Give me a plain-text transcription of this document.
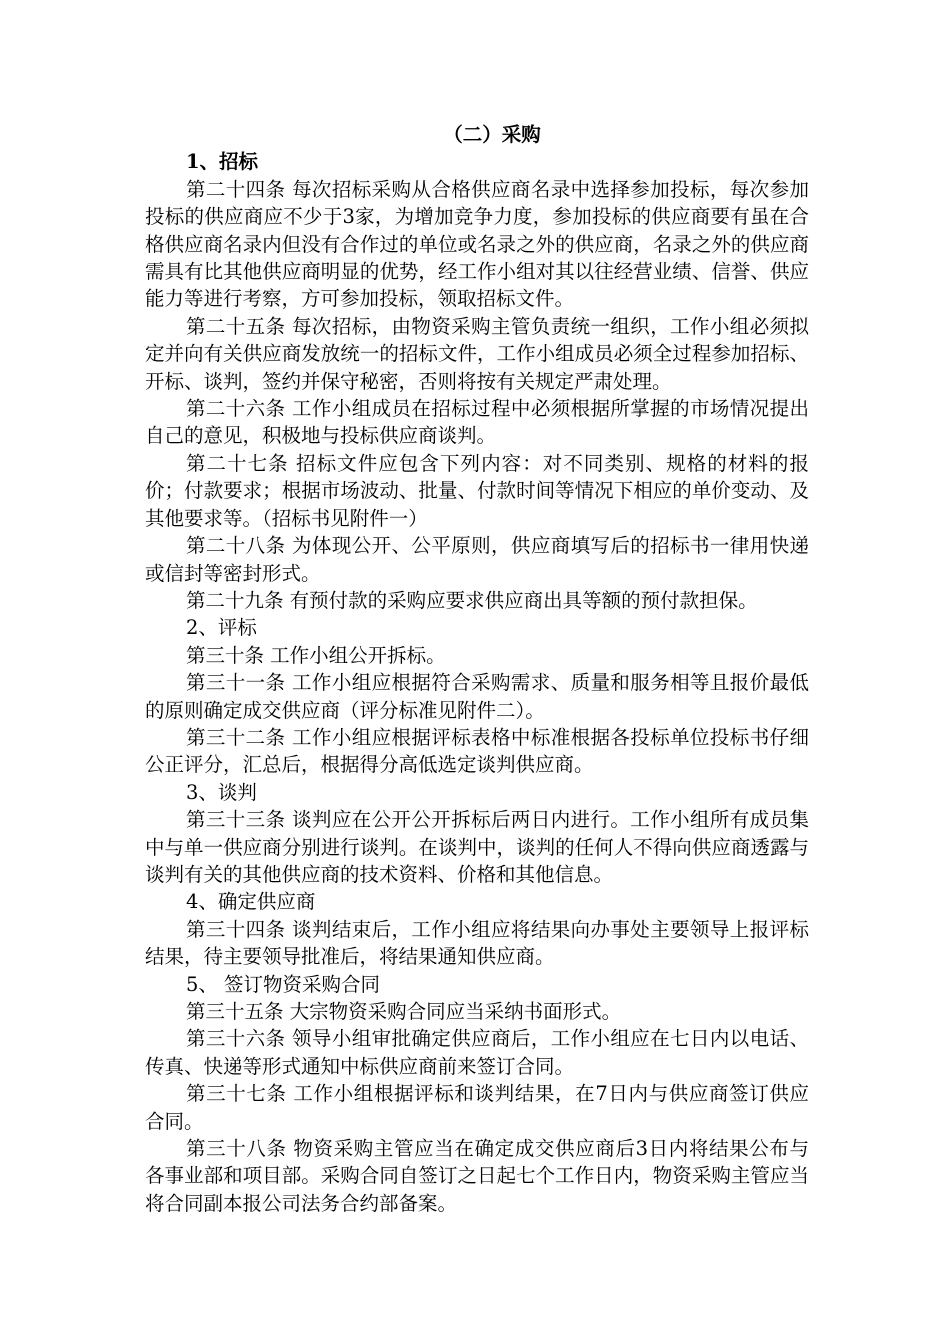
（二）采购

1、招标

第二十四条 每次招标采购从合格供应商名录中选择参加投标，每次参加投标的供应商应不少于3家，为增加竞争力度，参加投标的供应商要有虽在合格供应商名录内但没有合作过的单位或名录之外的供应商，名录之外的供应商需具有比其他供应商明显的优势，经工作小组对其以往经营业绩、信誉、供应能力等进行考察，方可参加投标，领取招标文件。

第二十五条 每次招标，由物资采购主管负责统一组织，工作小组必须拟定并向有关供应商发放统一的招标文件，工作小组成员必须全过程参加招标、开标、谈判，签约并保守秘密，否则将按有关规定严肃处理。

第二十六条 工作小组成员在招标过程中必须根据所掌握的市场情况提出自己的意见，积极地与投标供应商谈判。

第二十七条 招标文件应包含下列内容：对不同类别、规格的材料的报价；付款要求；根据市场波动、批量、付款时间等情况下相应的单价变动、及其他要求等。（招标书见附件一）

第二十八条 为体现公开、公平原则，供应商填写后的招标书一律用快递或信封等密封形式。

第二十九条 有预付款的采购应要求供应商出具等额的预付款担保。

2、评标

第三十条 工作小组公开拆标。

第三十一条 工作小组应根据符合采购需求、质量和服务相等且报价最低的原则确定成交供应商（评分标准见附件二）。

第三十二条 工作小组应根据评标表格中标准根据各投标单位投标书仔细公正评分，汇总后，根据得分高低选定谈判供应商。

3、谈判

第三十三条 谈判应在公开公开拆标后两日内进行。工作小组所有成员集中与单一供应商分别进行谈判。在谈判中，谈判的任何人不得向供应商透露与谈判有关的其他供应商的技术资料、价格和其他信息。

4、确定供应商

第三十四条 谈判结束后，工作小组应将结果向办事处主要领导上报评标结果，待主要领导批准后，将结果通知供应商。

5、 签订物资采购合同

第三十五条 大宗物资采购合同应当采纳书面形式。

第三十六条 领导小组审批确定供应商后，工作小组应在七日内以电话、传真、快递等形式通知中标供应商前来签订合同。

第三十七条 工作小组根据评标和谈判结果，在7日内与供应商签订供应合同。

第三十八条 物资采购主管应当在确定成交供应商后3日内将结果公布与各事业部和项目部。采购合同自签订之日起七个工作日内，物资采购主管应当将合同副本报公司法务合约部备案。
